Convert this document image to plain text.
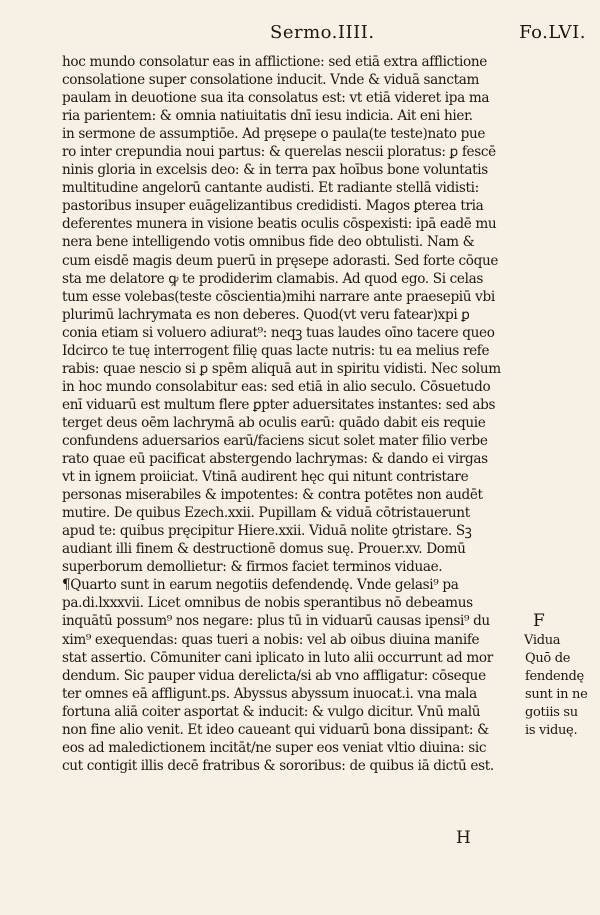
Sermo.IIII.	Fo.LVI.
hoc mundo consolatur eas in afflictione: sed etiā extra afflictione
consolatione super consolatione inducit. Vnde & viduā sanctam
paulam in deuotione sua ita consolatus est: vt etiā videret ipa ma
ria parientem: & omnia natiuitatis dnī iesu indicia. Ait eni hier.
in sermone de assumptiōe. Ad pręsepe o paula(te teste)nato pue
ro inter crepundia noui partus: & querelas nescii ploratus: ꝑ fescē
ninis gloria in excelsis deo: & in terra pax hoībus bone voluntatis
multitudine angelorū cantante audisti. Et radiante stellā vidisti:
pastoribus insuper euāgelizantibus credidisti. Magos ꝑterea tria
deferentes munera in visione beatis oculis cōspexisti: ipā eadē mu
nera bene intelligendo votis omnibus fide deo obtulisti. Nam &
cum eisdē magis deum puerū in pręsepe adorasti. Sed forte cōque
sta me delatore ꝙ te prodiderim clamabis. Ad quod ego. Si celas
tum esse volebas(teste cōscientia)mihi narrare ante praesepiū vbi
plurimū lachrymata es non deberes. Quod(vt veru fatear)xpi ꝑ
conia etiam si voluero adiurat⁹: neqꝫ tuas laudes oīno tacere queo
Idcirco te tuę interrogent filię quas lacte nutris: tu ea melius refe
rabis: quae nescio si ꝑ spēm aliquā aut in spiritu vidisti. Nec solum
in hoc mundo consolabitur eas: sed etiā in alio seculo. Cōsuetudo
enī viduarū est multum flere ꝑpter aduersitates instantes: sed abs
terget deus oēm lachrymā ab oculis earū: quādo dabit eis requie
confundens aduersarios earū/faciens sicut solet mater filio verbe
rato quae eū pacificat abstergendo lachrymas: & dando ei virgas
vt in ignem proiiciat. Vtinā audirent hęc qui nitunt contristare
personas miserabiles & impotentes: & contra potētes non audēt
mutire. De quibus Ezech.xxii. Pupillam & viduā cōtristauerunt
apud te: quibus pręcipitur Hiere.xxii. Viduā nolite ꝯtristare. Sꝫ
audiant illi finem & destructionē domus suę. Prouer.xv. Domū
superborum demollietur: & firmos faciet terminos viduae.
¶Quarto sunt in earum negotiis defendendę. Vnde gelasi⁹ pa
pa.di.lxxxvii. Licet omnibus de nobis sperantibus nō debeamus
inquātū possum⁹ nos negare: plus tū in viduarū causas ipensi⁹ du
xim⁹ exequendas: quas tueri a nobis: vel ab oibus diuina manife
stat assertio. Cōmuniter cani iplicato in luto alii occurrunt ad mor
dendum. Sic pauper vidua derelicta/si ab vno affligatur: cōseque
ter omnes eā affligunt.ps. Abyssus abyssum inuocat.i. vna mala
fortuna aliā coiter asportat & inducit: & vulgo dicitur. Vnū malū
non fine alio venit. Et ideo caueant qui viduarū bona dissipant: &
eos ad maledictionem incitāt/ne super eos veniat vltio diuina: sic
cut contigit illis decē fratribus & sororibus: de quibus iā dictū est.
F
Vidua
Quō de
fendendę
sunt in ne
gotiis su
is viduę.
H
